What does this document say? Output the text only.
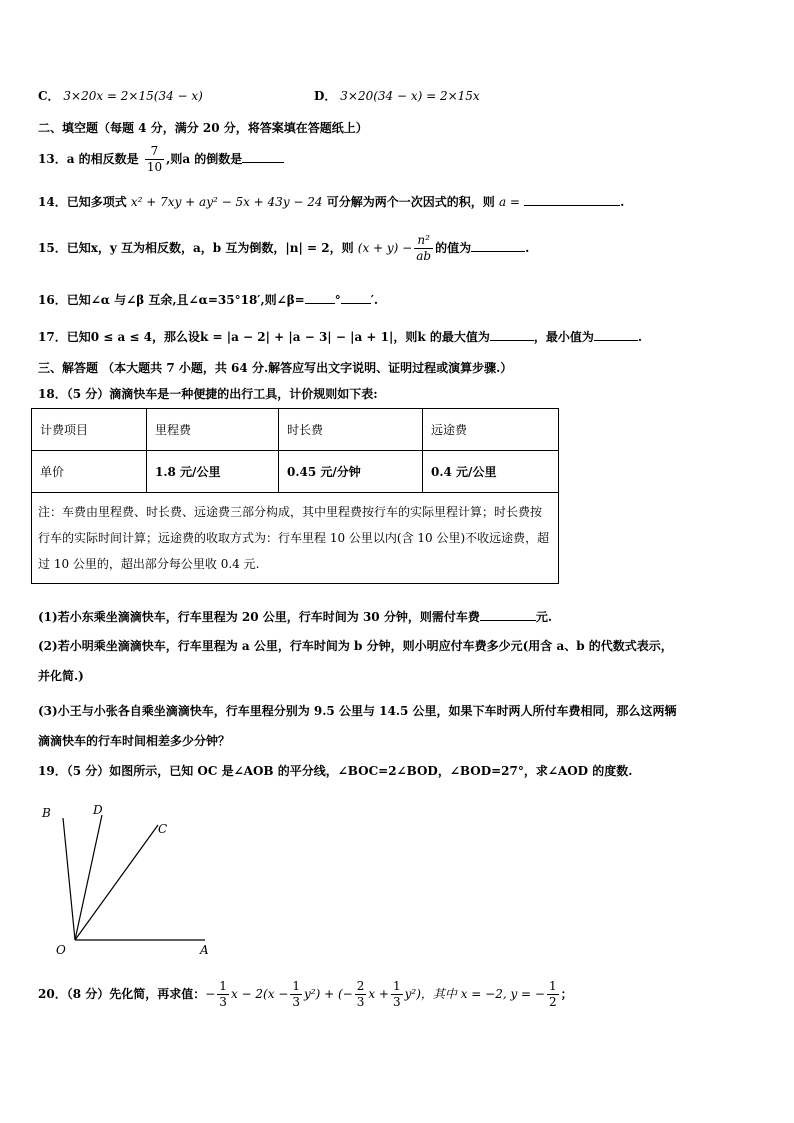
C． 3×20x = 2×15(34 − x)	D． 3×20(34 − x) = 2×15x
二、填空题（每题 4 分，满分 20 分，将答案填在答题纸上）
13．a 的相反数是 $\frac{7}{10}$ ,则a 的倒数是
14．已知多项式 x² + 7xy + ay² − 5x + 43y − 24 可分解为两个一次因式的积，则 a =	.
15．已知x，y 互为相反数，a，b 互为倒数，|n| = 2，则 $(x + y) - \frac{\text{n²}}{ab}$ 的值为	.
16．已知∠α 与∠β 互余,且∠α=35°18′,则∠β=	°	′.
17．已知0 ≤ a ≤ 4，那么设k = |a − 2| + |a − 3| − |a + 1|，则k 的最大值为	，最小值为	.
三、解答题 （本大题共 7 小题，共 64 分.解答应写出文字说明、证明过程或演算步骤.）
18．（5 分）滴滴快车是一种便捷的出行工具，计价规则如下表:
计费项目	里程费	时长费	远途费
单价	1.8 元/公里	0.45 元/分钟	0.4 元/公里
注：车费由里程费、时长费、远途费三部分构成，其中里程费按行车的实际里程计算；时长费按行车的实际时间计算；远途费的收取方式为：行车里程 10 公里以内(含 10 公里)不收远途费，超过 10 公里的，超出部分每公里收 0.4 元.			
(1)若小东乘坐滴滴快车，行车里程为 20 公里，行车时间为 30 分钟，则需付车费	元.
(2)若小明乘坐滴滴快车，行车里程为 a 公里，行车时间为 b 分钟，则小明应付车费多少元(用含 a、b 的代数式表示，
并化简.)
(3)小王与小张各自乘坐滴滴快车，行车里程分别为 9.5 公里与 14.5 公里，如果下车时两人所付车费相同，那么这两辆
滴滴快车的行车时间相差多少分钟？
19．（5 分）如图所示，已知 OC 是∠AOB 的平分线，∠BOC=2∠BOD，∠BOD=27°，求∠AOD 的度数.
B	D
C
O	A
20．（8 分）先化简，再求值：− $\frac{1}{3}$ $x - 2(x - \frac{1}{3} y^2)$ + (− $\frac{2}{3}$ $x + \frac{1}{3} y^2$)，其中 x = −2, y = − $\frac{1}{2}$ ；
